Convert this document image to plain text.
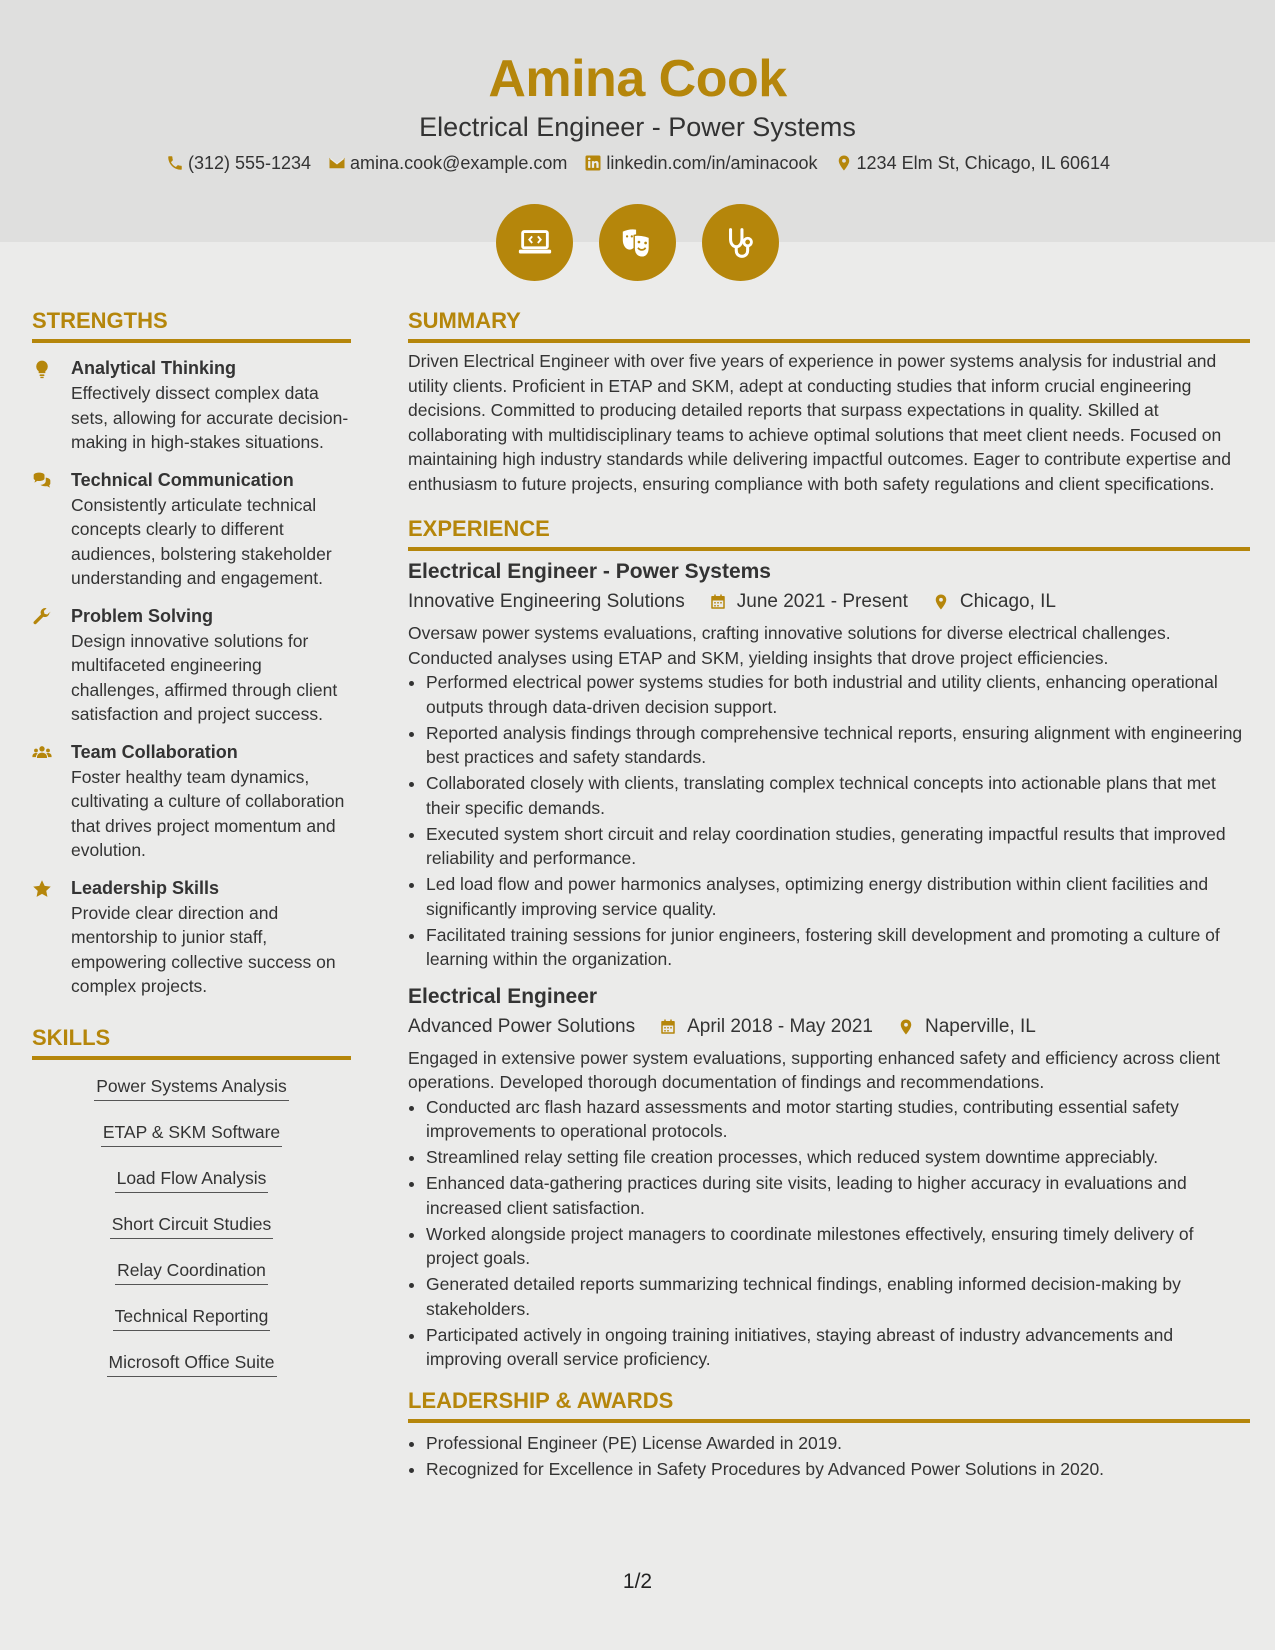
Amina Cook
Electrical Engineer - Power Systems
(312) 555-1234 amina.cook@example.com linkedin.com/in/aminacook 1234 Elm St, Chicago, IL 60614
STRENGTHS
Analytical Thinking
Effectively dissect complex data sets, allowing for accurate decision-making in high-stakes situations.
Technical Communication
Consistently articulate technical concepts clearly to different audiences, bolstering stakeholder understanding and engagement.
Problem Solving
Design innovative solutions for multifaceted engineering challenges, affirmed through client satisfaction and project success.
Team Collaboration
Foster healthy team dynamics, cultivating a culture of collaboration that drives project momentum and evolution.
Leadership Skills
Provide clear direction and mentorship to junior staff, empowering collective success on complex projects.
SKILLS
Power Systems Analysis
ETAP & SKM Software
Load Flow Analysis
Short Circuit Studies
Relay Coordination
Technical Reporting
Microsoft Office Suite
SUMMARY
Driven Electrical Engineer with over five years of experience in power systems analysis for industrial and utility clients. Proficient in ETAP and SKM, adept at conducting studies that inform crucial engineering decisions. Committed to producing detailed reports that surpass expectations in quality. Skilled at collaborating with multidisciplinary teams to achieve optimal solutions that meet client needs. Focused on maintaining high industry standards while delivering impactful outcomes. Eager to contribute expertise and enthusiasm to future projects, ensuring compliance with both safety regulations and client specifications.
EXPERIENCE
Electrical Engineer - Power Systems
Innovative Engineering Solutions	June 2021 - Present	Chicago, IL
Oversaw power systems evaluations, crafting innovative solutions for diverse electrical challenges. Conducted analyses using ETAP and SKM, yielding insights that drove project efficiencies.
• Performed electrical power systems studies for both industrial and utility clients, enhancing operational outputs through data-driven decision support.
• Reported analysis findings through comprehensive technical reports, ensuring alignment with engineering best practices and safety standards.
• Collaborated closely with clients, translating complex technical concepts into actionable plans that met their specific demands.
• Executed system short circuit and relay coordination studies, generating impactful results that improved reliability and performance.
• Led load flow and power harmonics analyses, optimizing energy distribution within client facilities and significantly improving service quality.
• Facilitated training sessions for junior engineers, fostering skill development and promoting a culture of learning within the organization.
Electrical Engineer
Advanced Power Solutions	April 2018 - May 2021	Naperville, IL
Engaged in extensive power system evaluations, supporting enhanced safety and efficiency across client operations. Developed thorough documentation of findings and recommendations.
• Conducted arc flash hazard assessments and motor starting studies, contributing essential safety improvements to operational protocols.
• Streamlined relay setting file creation processes, which reduced system downtime appreciably.
• Enhanced data-gathering practices during site visits, leading to higher accuracy in evaluations and increased client satisfaction.
• Worked alongside project managers to coordinate milestones effectively, ensuring timely delivery of project goals.
• Generated detailed reports summarizing technical findings, enabling informed decision-making by stakeholders.
• Participated actively in ongoing training initiatives, staying abreast of industry advancements and improving overall service proficiency.
LEADERSHIP & AWARDS
• Professional Engineer (PE) License Awarded in 2019.
• Recognized for Excellence in Safety Procedures by Advanced Power Solutions in 2020.
1/2
